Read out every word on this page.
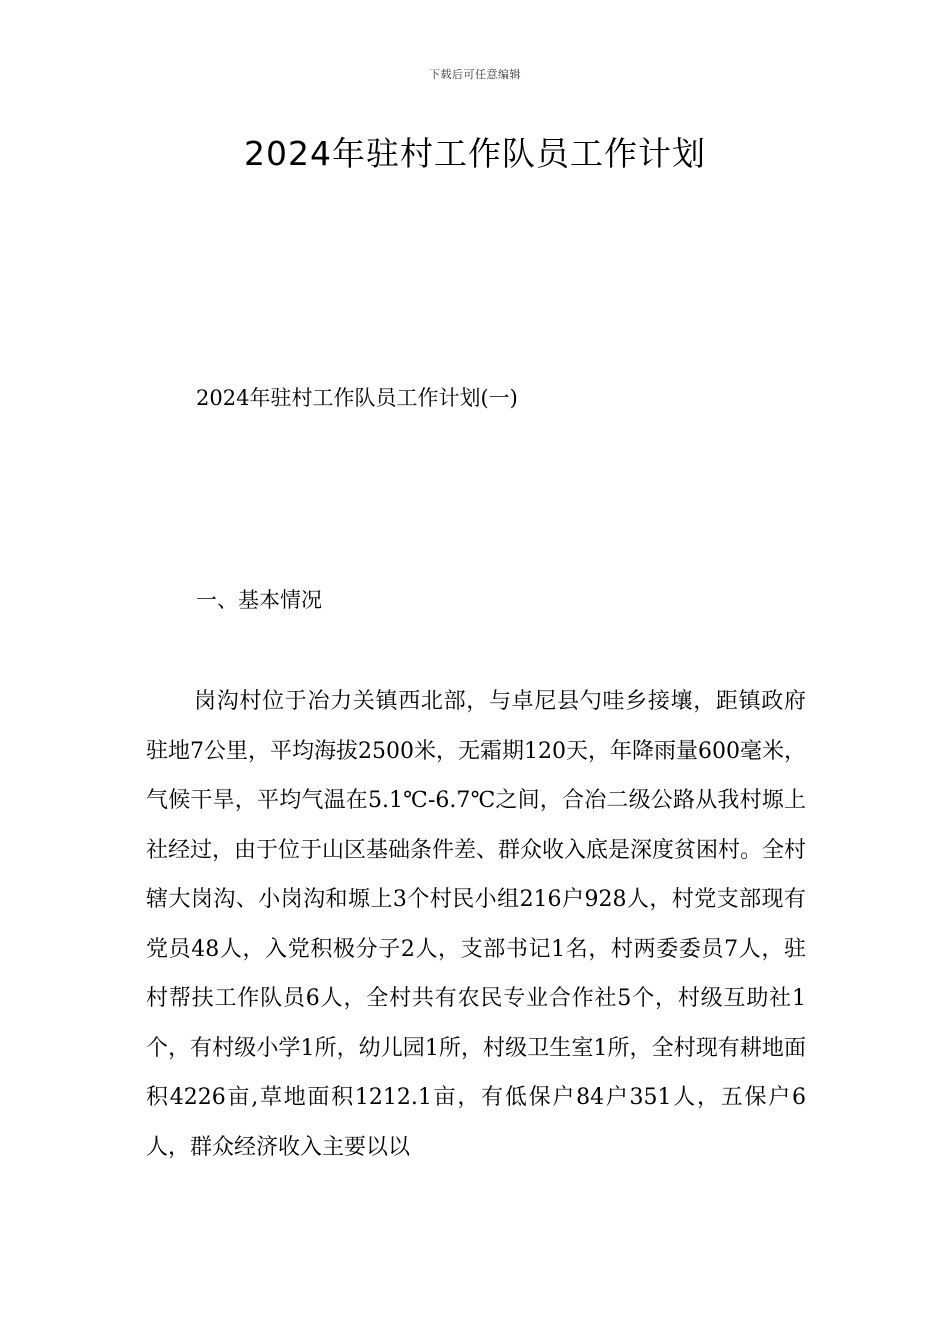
下载后可任意编辑
2024年驻村工作队员工作计划
2024年驻村工作队员工作计划(一)
一、基本情况

岗沟村位于冶力关镇西北部，与卓尼县勺哇乡接壤，距镇政府驻地7公里，平均海拔2500米，无霜期120天，年降雨量600毫米，气候干旱，平均气温在5.1℃-6.7℃之间，合冶二级公路从我村塬上社经过，由于位于山区基础条件差、群众收入底是深度贫困村。全村辖大岗沟、小岗沟和塬上3个村民小组216户928人，村党支部现有党员48人，入党积极分子2人，支部书记1名，村两委委员7人，驻村帮扶工作队员6人，全村共有农民专业合作社5个，村级互助社1个，有村级小学1所，幼儿园1所，村级卫生室1所，全村现有耕地面积4226亩,草地面积1212.1亩，有低保户84户351人，五保户6人，群众经济收入主要以以
